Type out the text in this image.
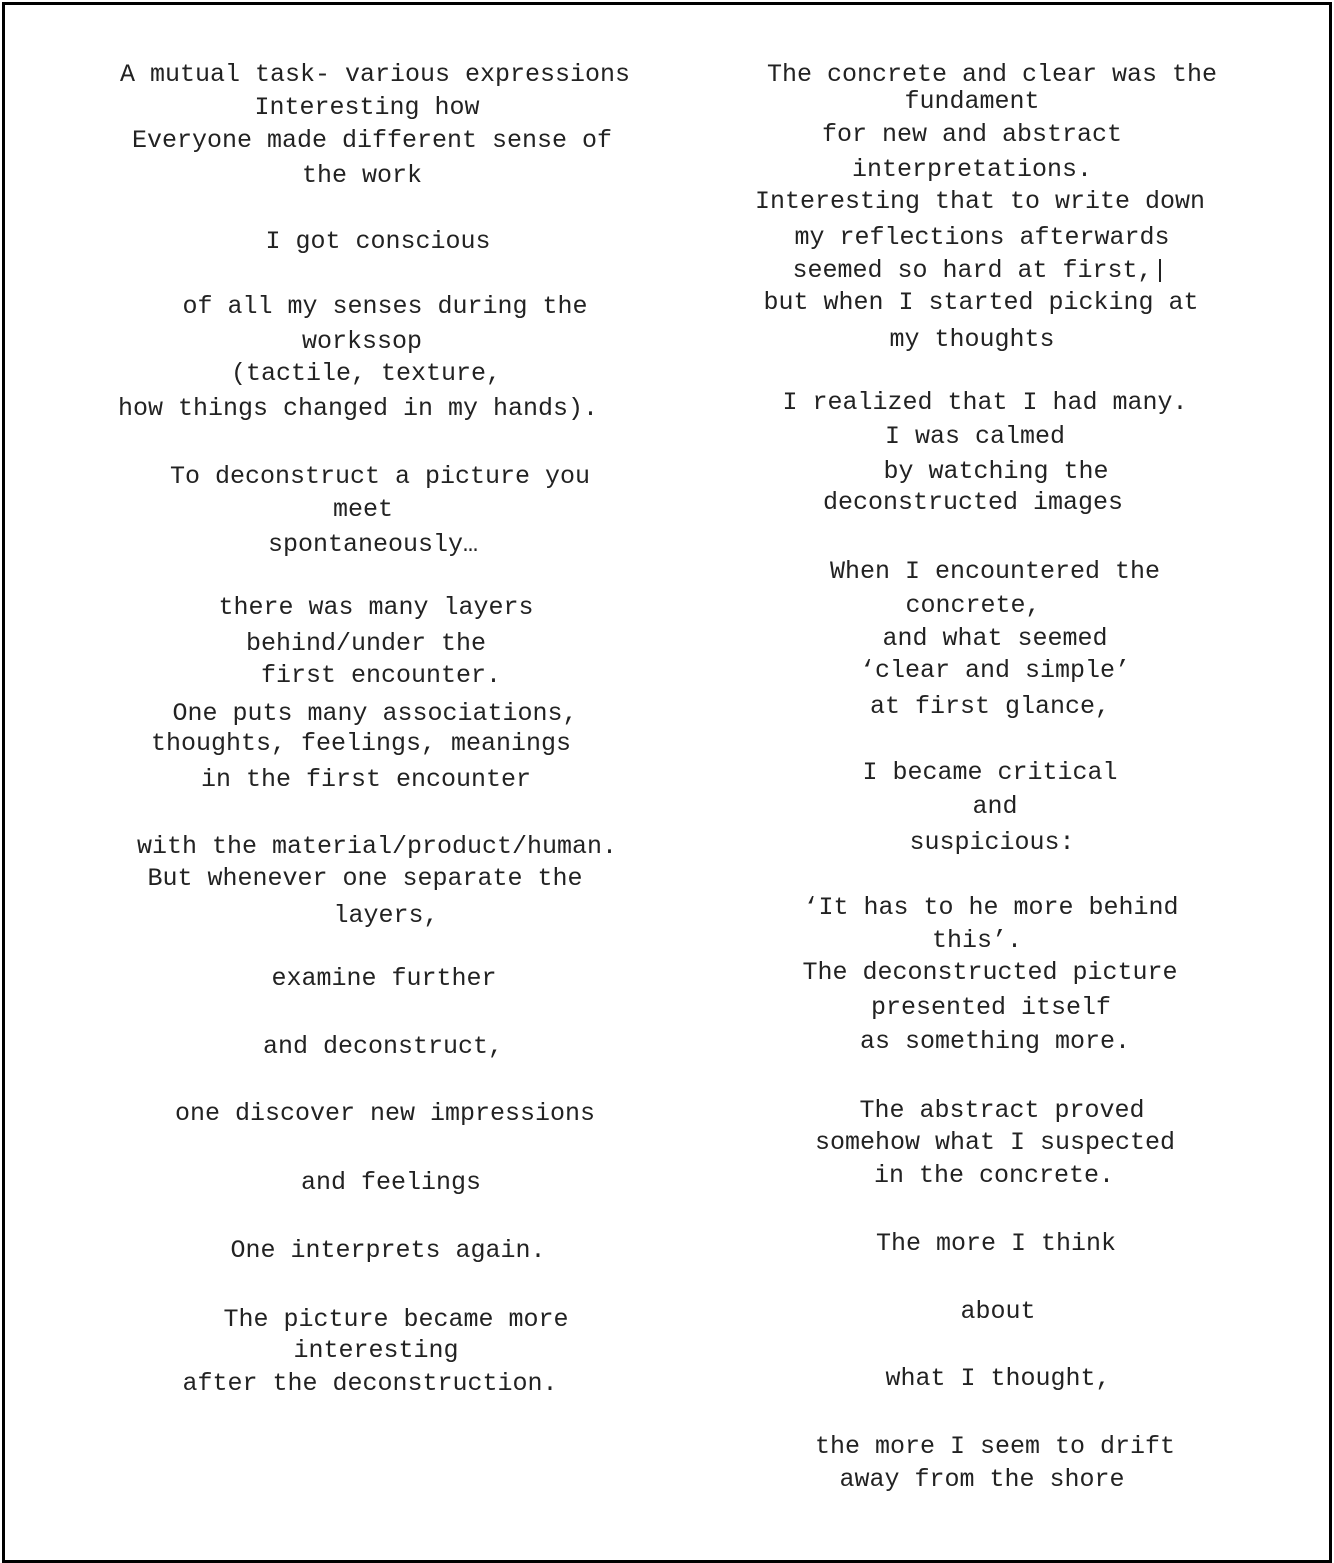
A mutual task- various expressions
Interesting how
Everyone made different sense of
the work
I got conscious
of all my senses during the
workssop
(tactile, texture,
how things changed in my hands).
To deconstruct a picture you
meet
spontaneously…
there was many layers
behind/under the
first encounter.
One puts many associations,
thoughts, feelings, meanings
in the first encounter
with the material/product/human.
But whenever one separate the
layers,
examine further
and deconstruct,
one discover new impressions
and feelings
One interprets again.
The picture became more
interesting
after the deconstruction.
The concrete and clear was the
fundament
for new and abstract
interpretations.
Interesting that to write down
my reflections afterwards
seemed so hard at first,|
but when I started picking at
my thoughts
I realized that I had many.
I was calmed
by watching the
deconstructed images
When I encountered the
concrete,
and what seemed
‘clear and simple’
at first glance,
I became critical
and
suspicious:
‘It has to he more behind
this’.
The deconstructed picture
presented itself
as something more.
The abstract proved
somehow what I suspected
in the concrete.
The more I think
about
what I thought,
the more I seem to drift
away from the shore
